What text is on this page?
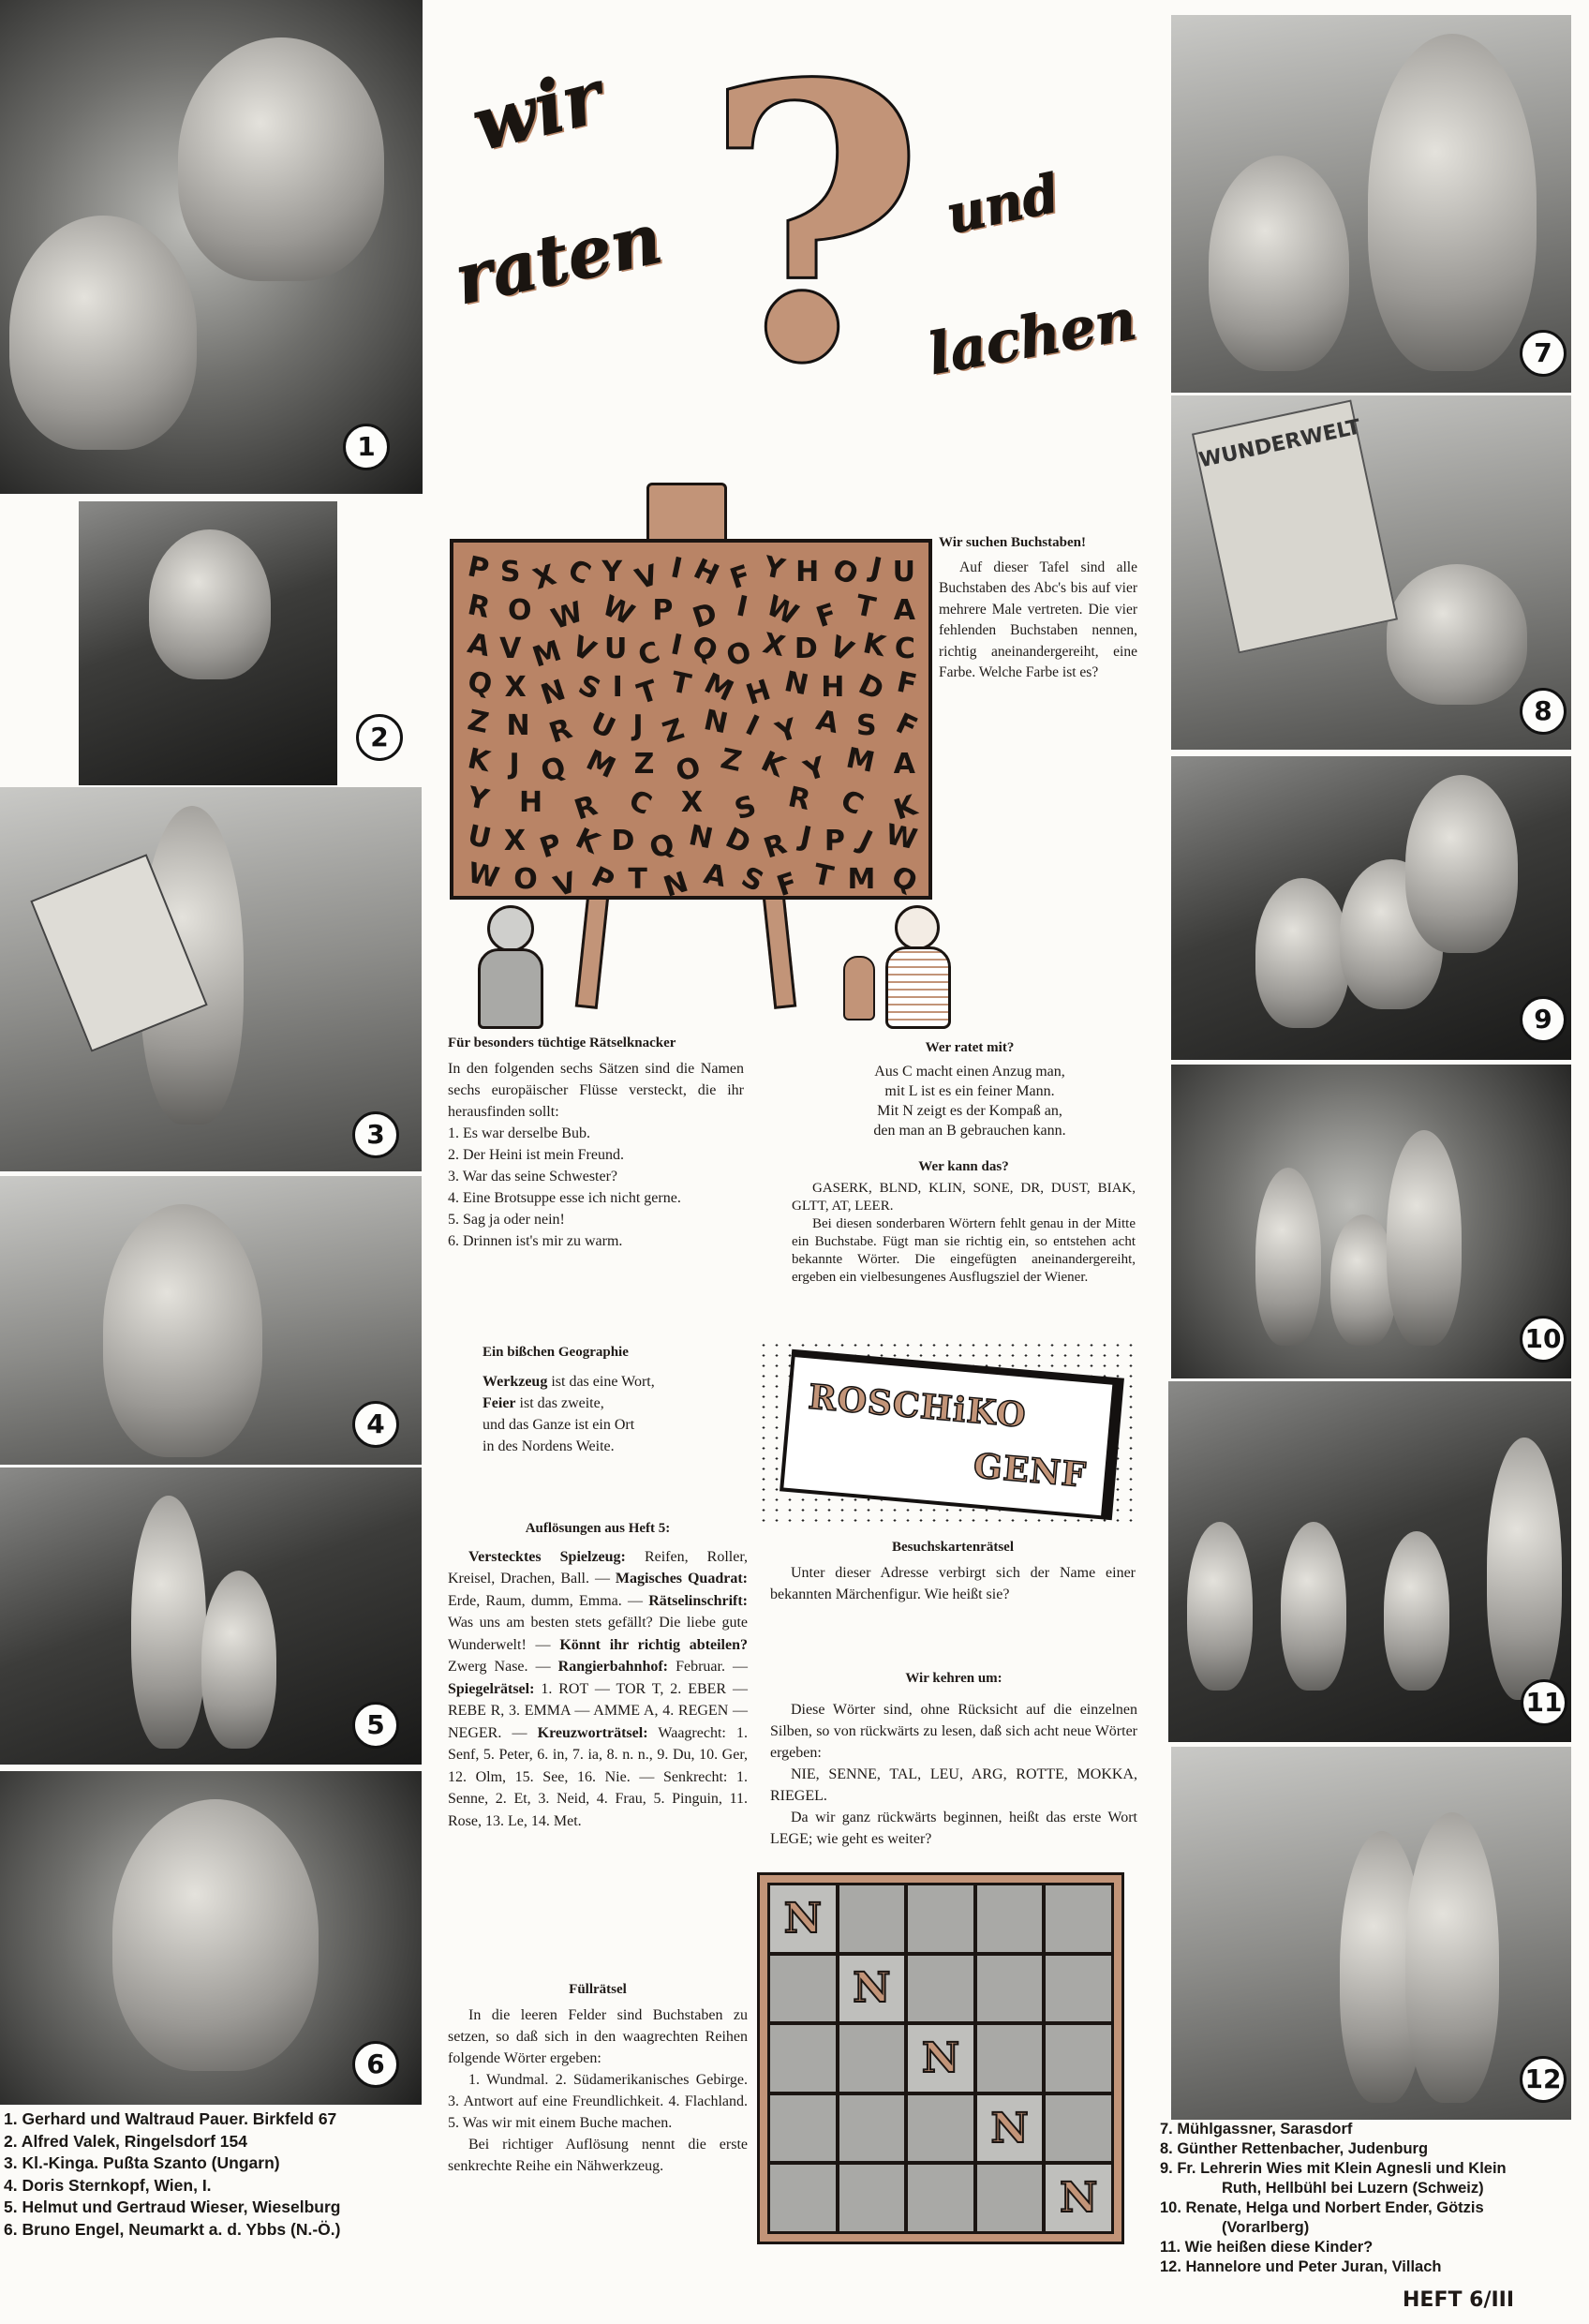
1
2
3
4
5
6
7
WUNDERWELT
8
9
10
11
12
wir
raten ? und
lachen
P S X C Y V I H F Y H O J U
R O W W P D I W F T A
A V M V U C I Q O X D V K C
Q X N S I T T M H N H D F
Z N R U J Z N I Y A S F
K J Q M Z O Z K Y M A
Y H R C X S R C K
U X P K D Q N D R J P J W
W O V P T N A S F T M Q
Wir suchen Buchstaben!

Auf dieser Tafel sind alle Buchstaben des Abc's bis auf vier mehrere Male vertreten. Die vier fehlenden Buchstaben nennen, richtig aneinandergereiht, eine Farbe. Welche Farbe ist es?

Für besonders tüchtige Rätselknacker

In den folgenden sechs Sätzen sind die Namen sechs europäischer Flüsse versteckt, die ihr herausfinden sollt:

1. Es war derselbe Bub.

2. Der Heini ist mein Freund.

3. War das seine Schwester?

4. Eine Brotsuppe esse ich nicht gerne.

5. Sag ja oder nein!

6. Drinnen ist's mir zu warm.

Wer ratet mit?

Aus C macht einen Anzug man,

mit L ist es ein feiner Mann.

Mit N zeigt es der Kompaß an,

den man an B gebrauchen kann.

Wer kann das?

GASERK, BLND, KLIN, SONE, DR, DUST, BIAK, GLTT, AT, LEER.

Bei diesen sonderbaren Wörtern fehlt genau in der Mitte ein Buchstabe. Fügt man sie richtig ein, so entstehen acht bekannte Wörter. Die eingefügten aneinandergereiht, ergeben ein vielbesungenes Ausflugsziel der Wiener.

Ein bißchen Geographie

Werkzeug ist das eine Wort,

Feier ist das zweite,

und das Ganze ist ein Ort

in des Nordens Weite.

ROSCHiKO
GENF
Auflösungen aus Heft 5:

Verstecktes Spielzeug: Reifen, Roller, Kreisel, Drachen, Ball. — Magisches Quadrat: Erde, Raum, dumm, Emma. — Rätselinschrift: Was uns am besten stets gefällt? Die liebe gute Wunderwelt! — Könnt ihr richtig abteilen? Zwerg Nase. — Rangierbahnhof: Februar. — Spiegelrätsel: 1. ROT — TOR T, 2. EBER — REBE R, 3. EMMA — AMME A, 4. REGEN — NEGER. — Kreuzworträtsel: Waagrecht: 1. Senf, 5. Peter, 6. in, 7. ia, 8. n. n., 9. Du, 10. Ger, 12. Olm, 15. See, 16. Nie. — Senkrecht: 1. Senne, 2. Et, 3. Neid, 4. Frau, 5. Pinguin, 11. Rose, 13. Le, 14. Met.

Besuchskartenrätsel

Unter dieser Adresse verbirgt sich der Name einer bekannten Märchenfigur. Wie heißt sie?

Wir kehren um:

Diese Wörter sind, ohne Rücksicht auf die einzelnen Silben, so von rückwärts zu lesen, daß sich acht neue Wörter ergeben:

NIE, SENNE, TAL, LEU, ARG, ROTTE, MOKKA, RIEGEL.

Da wir ganz rückwärts beginnen, heißt das erste Wort LEGE; wie geht es weiter?

N
N
N
N
N
Füllrätsel

In die leeren Felder sind Buchstaben zu setzen, so daß sich in den waagrechten Reihen folgende Wörter ergeben:

1. Wundmal. 2. Südamerikanisches Gebirge. 3. Antwort auf eine Freundlichkeit. 4. Flachland. 5. Was wir mit einem Buche machen.

Bei richtiger Auflösung nennt die erste senkrechte Reihe ein Nähwerkzeug.

1. Gerhard und Waltraud Pauer. Birkfeld 67
2. Alfred Valek, Ringelsdorf 154
3. Kl.-Kinga. Pußta Szanto (Ungarn)
4. Doris Sternkopf, Wien, I.
5. Helmut und Gertraud Wieser, Wieselburg
6. Bruno Engel, Neumarkt a. d. Ybbs (N.-Ö.)
7. Mühlgassner, Sarasdorf
8. Günther Rettenbacher, Judenburg
9. Fr. Lehrerin Wies mit Klein Agnesli und Klein
Ruth, Hellbühl bei Luzern (Schweiz)
10. Renate, Helga und Norbert Ender, Götzis
(Vorarlberg)
11. Wie heißen diese Kinder?
12. Hannelore und Peter Juran, Villach
HEFT 6/III
